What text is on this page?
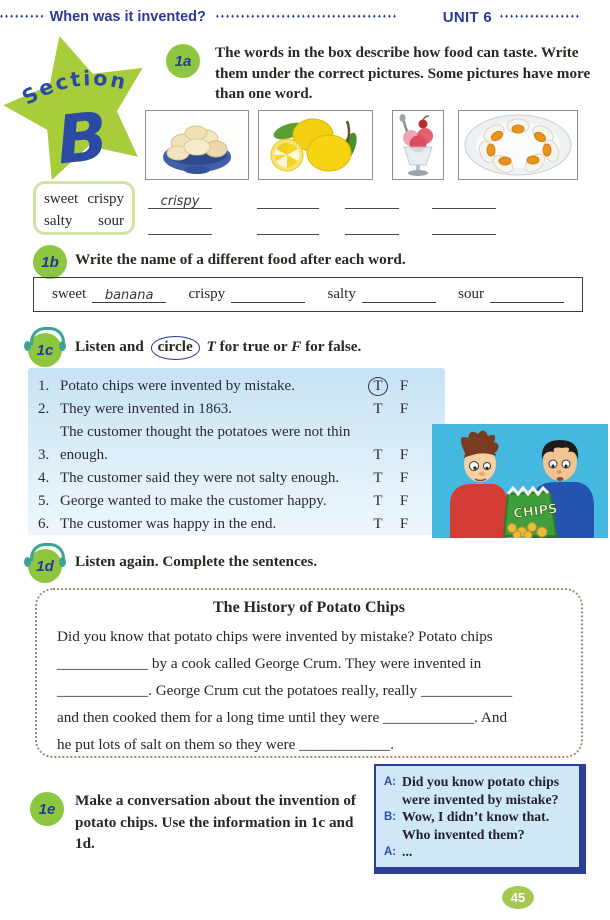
♦♦♦♦♦♦♦♦♦ When was it invented? ♦♦♦♦♦♦♦♦♦♦♦♦♦♦♦♦♦♦♦♦♦♦♦♦♦♦♦♦♦♦♦♦♦♦♦♦	UNIT 6 ♦♦♦♦♦♦♦♦♦♦♦♦♦♦♦♦
Section
B
1a	The words in the box describe how food can taste. Write them under the correct pictures. Some pictures have more than one word.
sweet crispy
salty sour
crispy
1b	Write the name of a different food after each word.
sweet	banana	crispy	salty	sour
1c	Listen and circle T for true or F for false.
1. Potato chips were invented by mistake.	T	F
2. They were invented in 1863.	T	F
3.
The customer thought the potatoes were not thin enough.	T	F
4. The customer said they were not salty enough.	T	F
5. George wanted to make the customer happy.	T	F
6. The customer was happy in the end.	T	F
CHIPS
1d	Listen again. Complete the sentences.
The History of Potato Chips
Did you know that potato chips were invented by mistake? Potato chips
____________ by a cook called George Crum. They were invented in
____________. George Crum cut the potatoes really, really ____________
and then cooked them for a long time until they were ____________. And
he put lots of salt on them so they were ____________.
1e	Make a conversation about the invention of potato chips. Use the information in 1c and 1d.
A: Did you know potato chips were invented by mistake?
B: Wow, I didn’t know that. Who invented them?
A: ...
45
